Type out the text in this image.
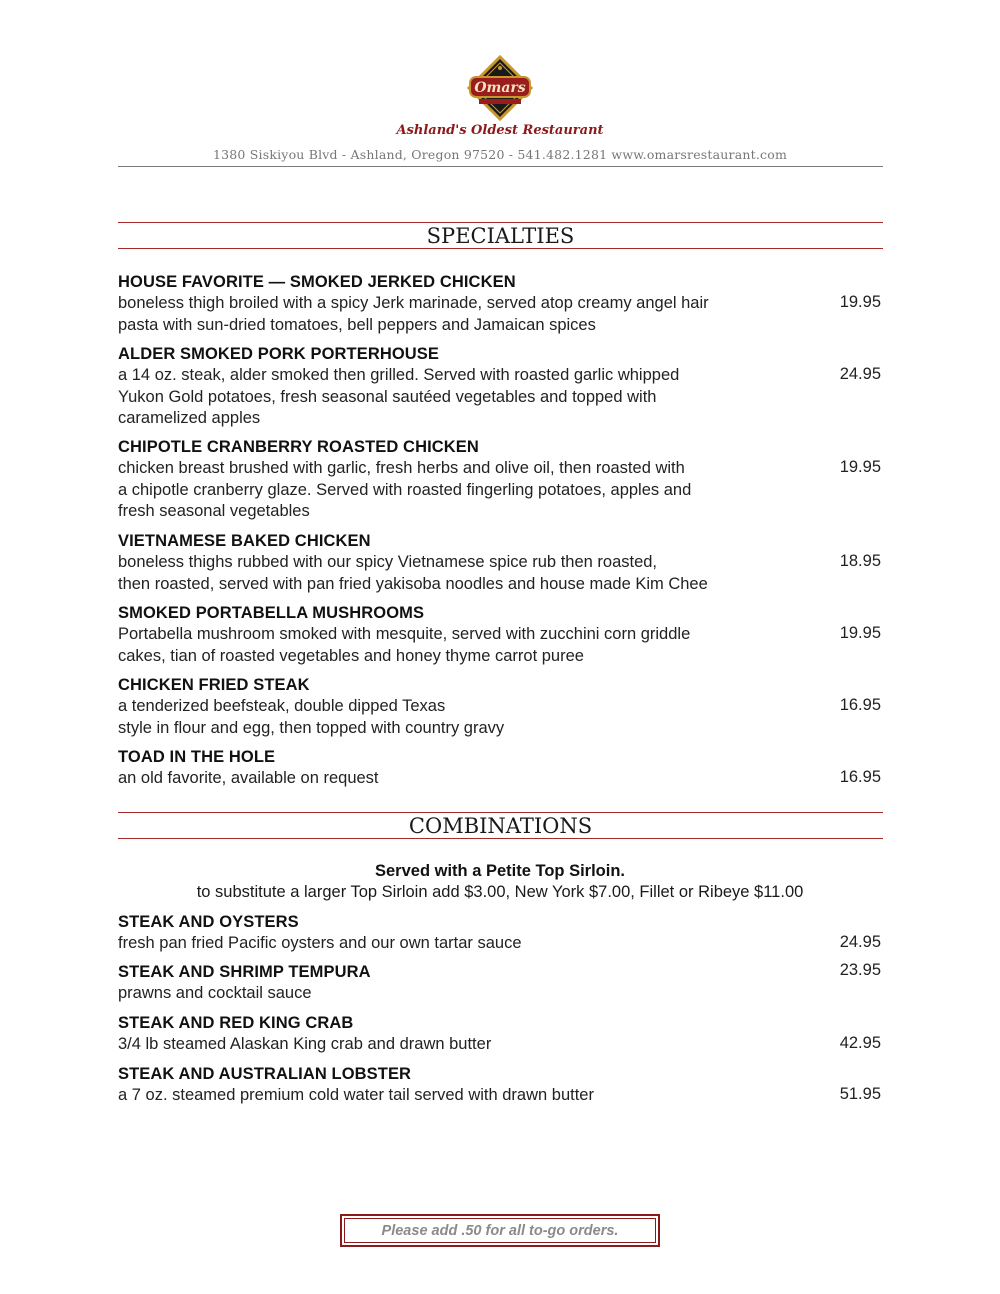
Omars
Ashland's Oldest Restaurant
1380 Siskiyou Blvd - Ashland, Oregon 97520 - 541.482.1281 www.omarsrestaurant.com
SPECIALTIES
HOUSE FAVORITE — SMOKED JERKED CHICKEN
boneless thigh broiled with a spicy Jerk marinade, served atop creamy angel hair
pasta with sun-dried tomatoes, bell peppers and Jamaican spices
19.95
ALDER SMOKED PORK PORTERHOUSE
a 14 oz. steak, alder smoked then grilled. Served with roasted garlic whipped
Yukon Gold potatoes, fresh seasonal sautéed vegetables and topped with
caramelized apples
24.95
CHIPOTLE CRANBERRY ROASTED CHICKEN
chicken breast brushed with garlic, fresh herbs and olive oil, then roasted with
a chipotle cranberry glaze. Served with roasted fingerling potatoes, apples and
fresh seasonal vegetables
19.95
VIETNAMESE BAKED CHICKEN
boneless thighs rubbed with our spicy Vietnamese spice rub then roasted,
then roasted, served with pan fried yakisoba noodles and house made Kim Chee
18.95
SMOKED PORTABELLA MUSHROOMS
Portabella mushroom smoked with mesquite, served with zucchini corn griddle
cakes, tian of roasted vegetables and honey thyme carrot puree
19.95
CHICKEN FRIED STEAK
a tenderized beefsteak, double dipped Texas
style in flour and egg, then topped with country gravy
16.95
TOAD IN THE HOLE
an old favorite, available on request	16.95
COMBINATIONS
Served with a Petite Top Sirloin.
to substitute a larger Top Sirloin add $3.00, New York $7.00, Fillet or Ribeye $11.00
STEAK AND OYSTERS
fresh pan fried Pacific oysters and our own tartar sauce	24.95
STEAK AND SHRIMP TEMPURA
prawns and cocktail sauce
23.95
STEAK AND RED KING CRAB
3/4 lb steamed Alaskan King crab and drawn butter	42.95
STEAK AND AUSTRALIAN LOBSTER
a 7 oz. steamed premium cold water tail served with drawn butter	51.95
Please add .50 for all to-go orders.
